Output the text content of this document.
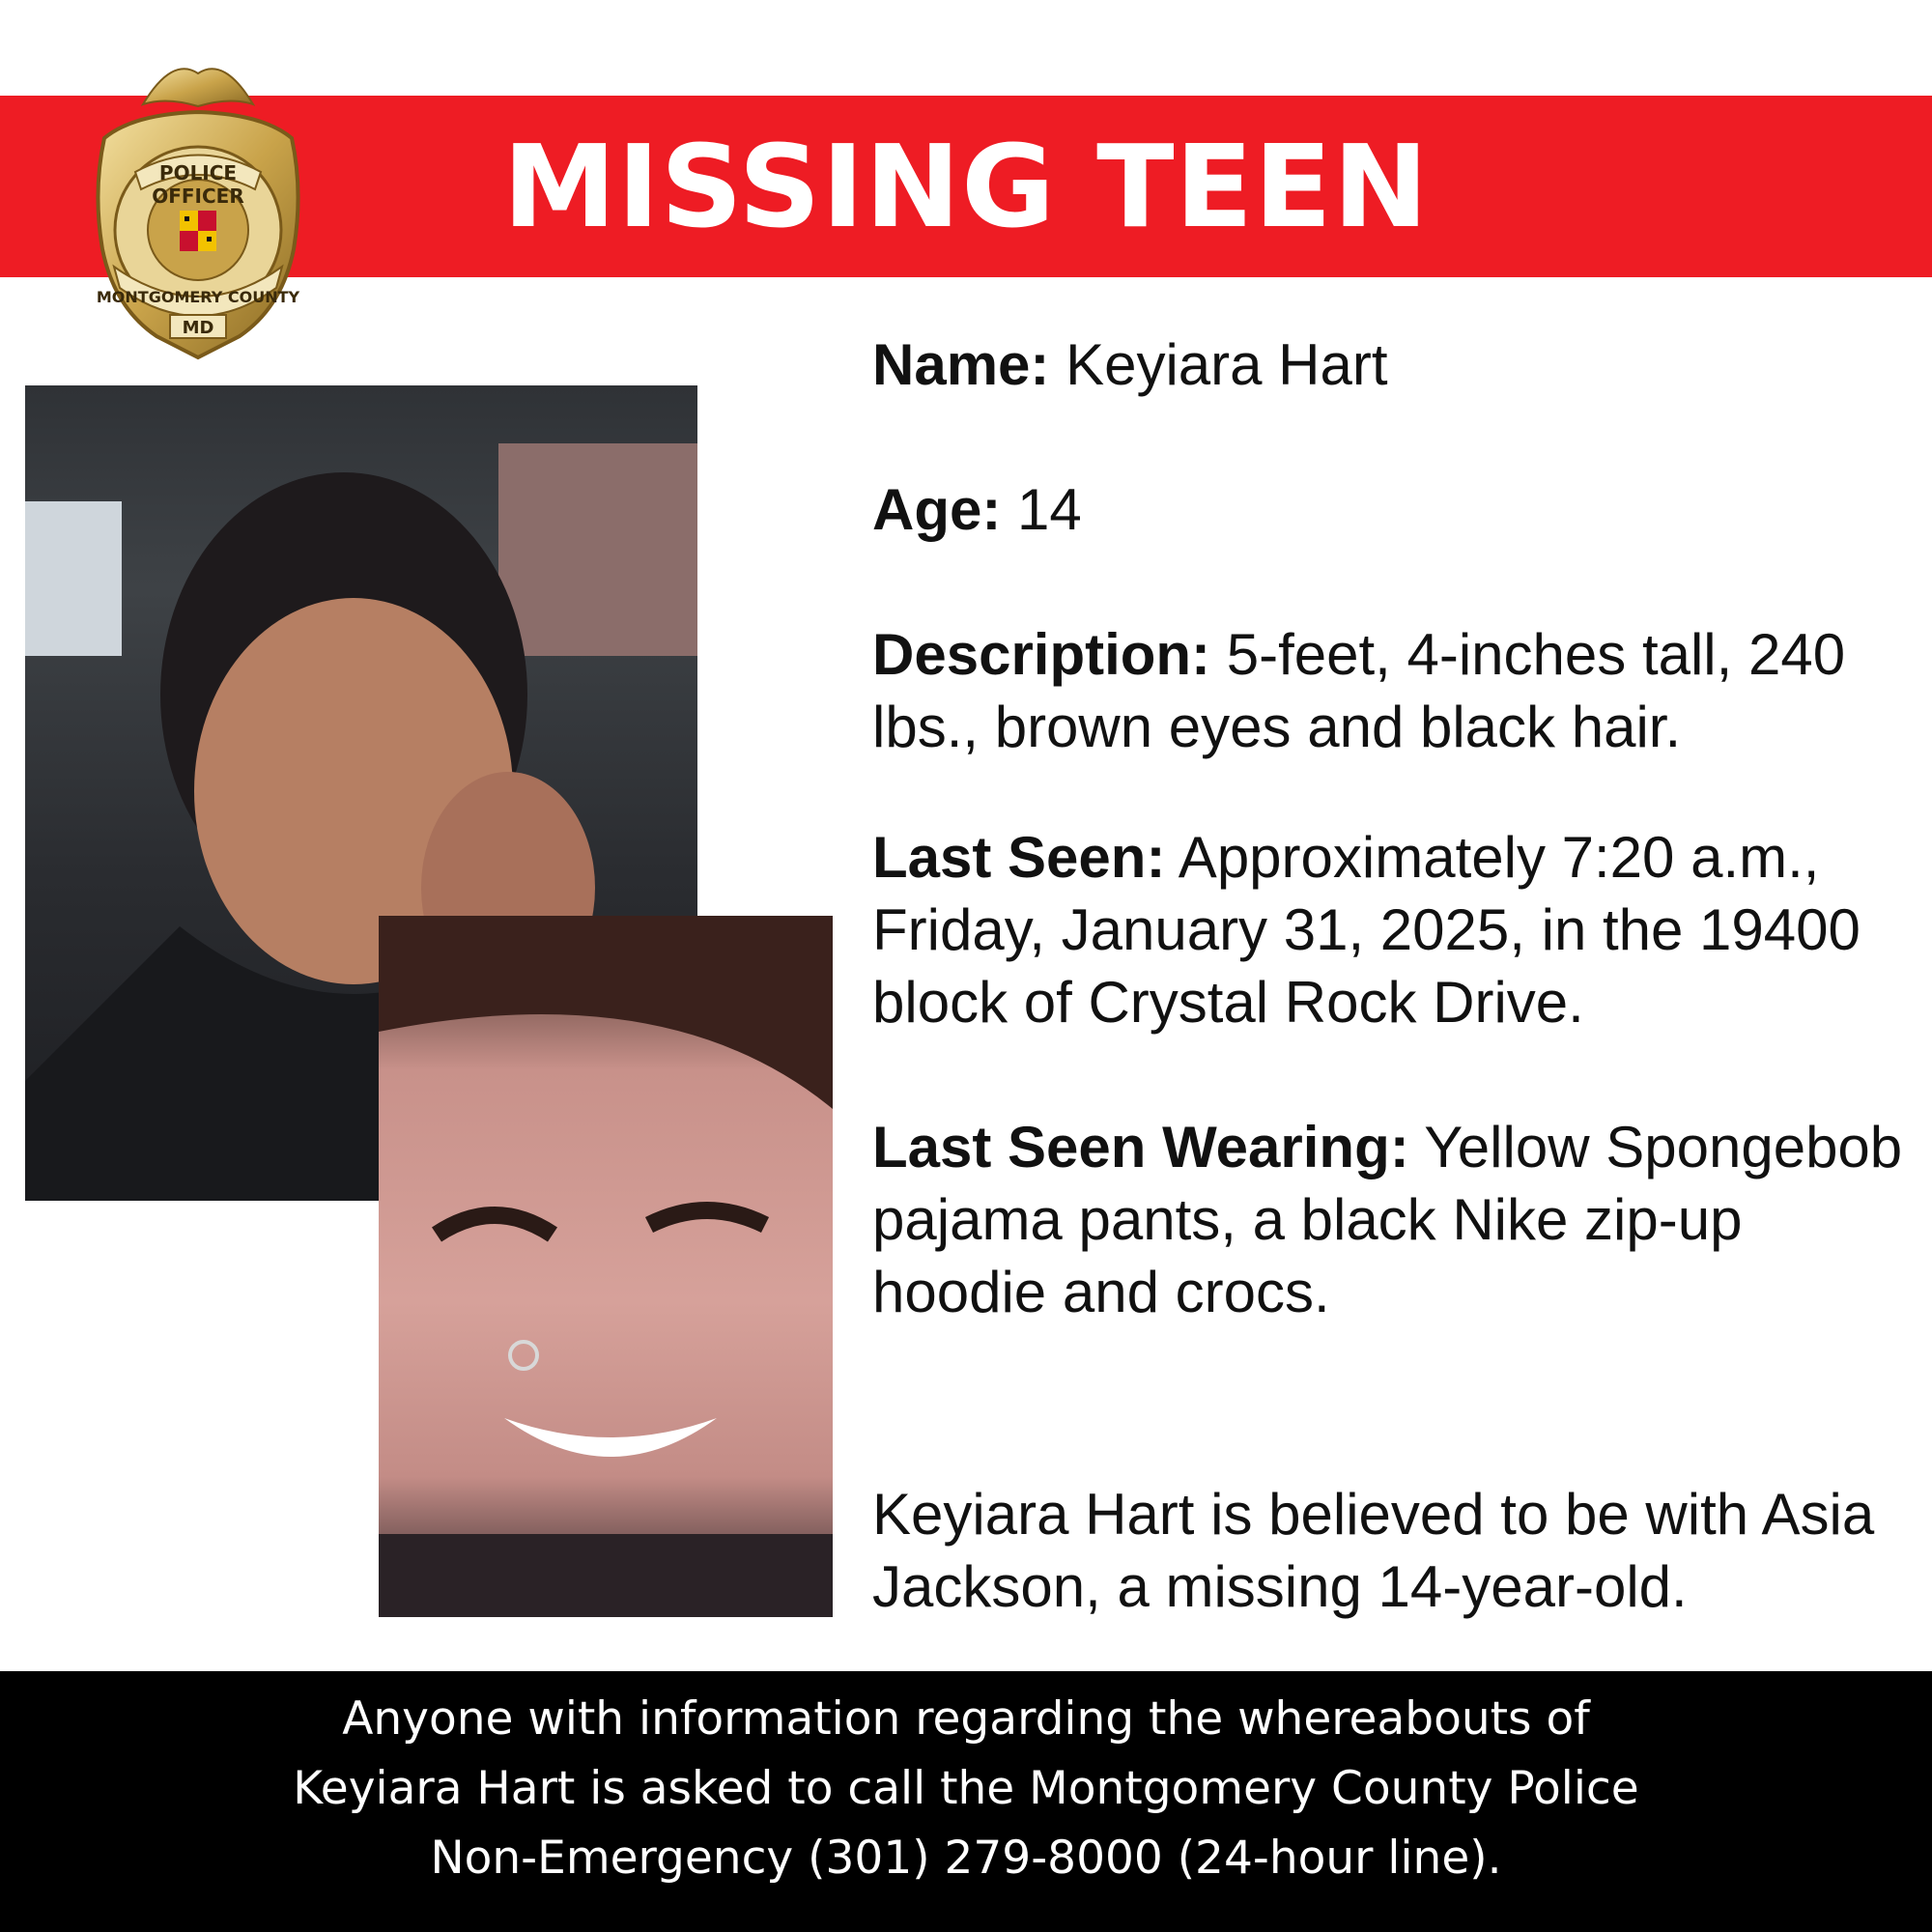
MISSING TEEN
POLICE
OFFICER
MONTGOMERY COUNTY
MD

Name: Keyiara Hart

Age: 14

Description: 5-feet, 4-inches tall, 240 lbs., brown eyes and black hair.

Last Seen: Approximately 7:20 a.m., Friday, January 31, 2025, in the 19400 block of Crystal Rock Drive.

Last Seen Wearing: Yellow Spongebob pajama pants, a black Nike zip-up hoodie and crocs.

Keyiara Hart is believed to be with Asia Jackson, a missing 14-year-old.

Anyone with information regarding the whereabouts of
Keyiara Hart is asked to call the Montgomery County Police
Non-Emergency (301) 279-8000 (24-hour line).
